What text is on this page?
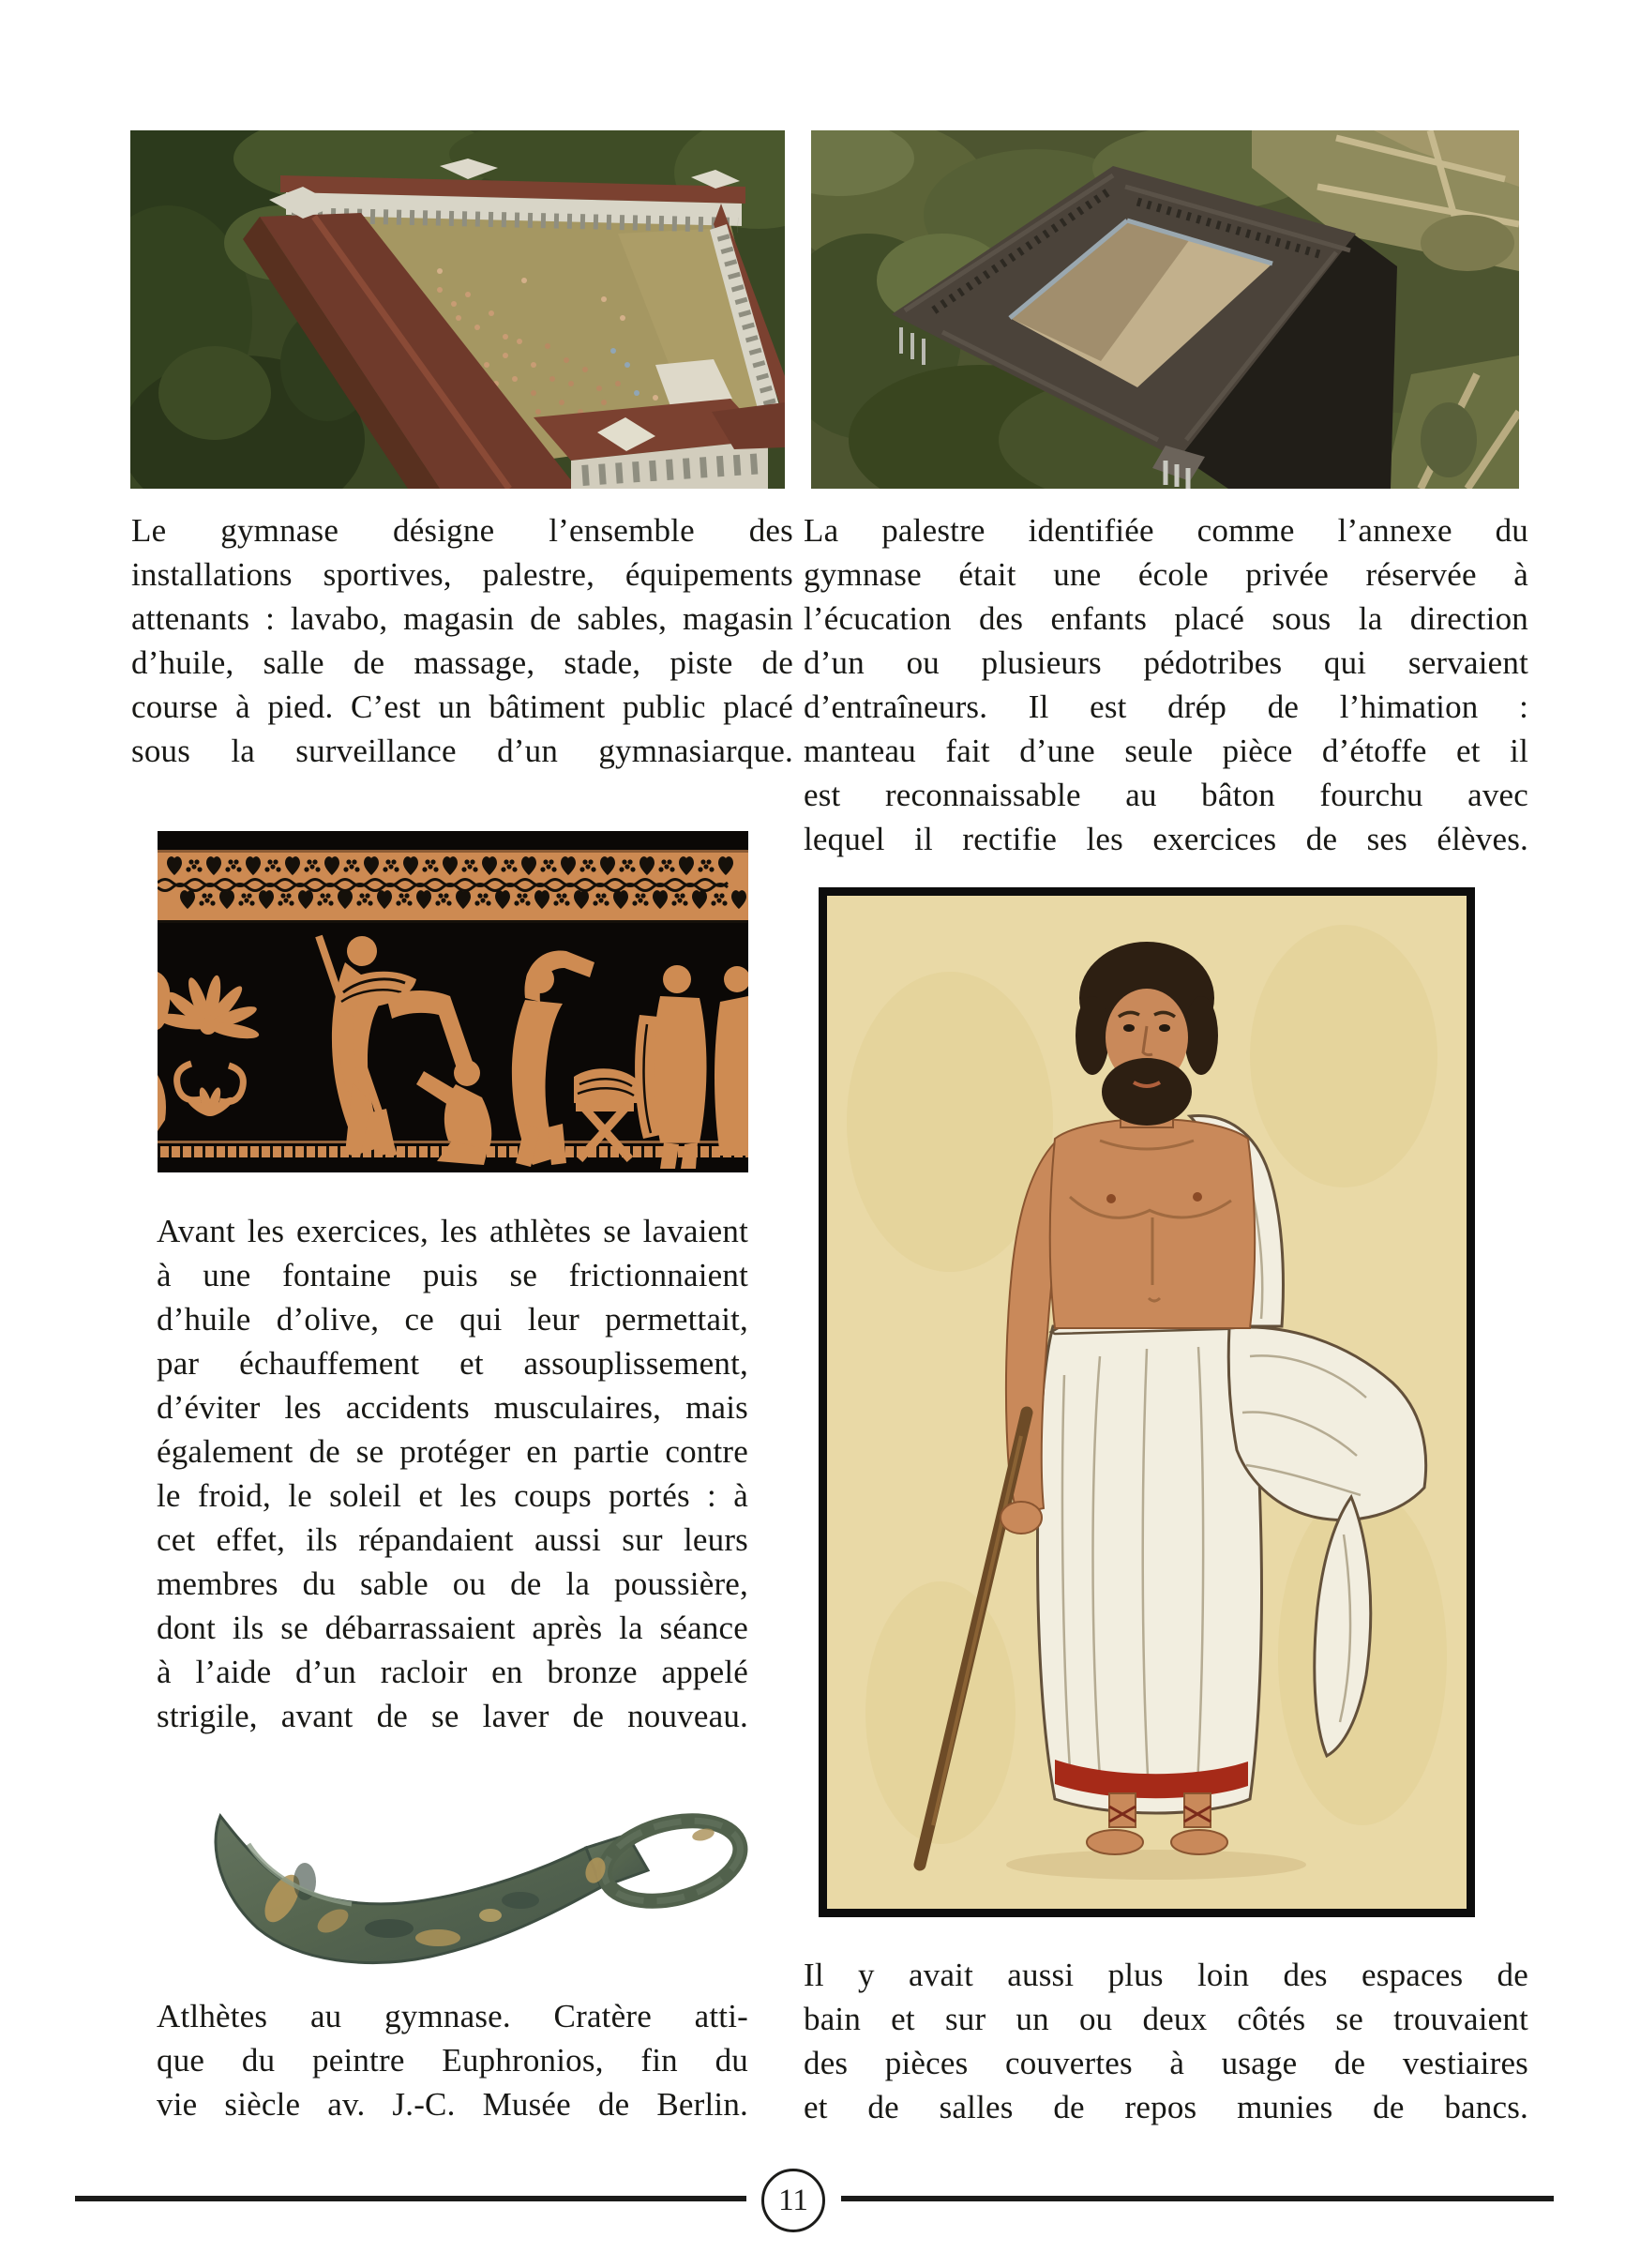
Le gymnase désigne l’ensemble des
installations sportives, palestre, équipements
attenants : lavabo, magasin de sables, magasin
d’huile, salle de massage, stade, piste de
course à pied. C’est un bâtiment public placé
sous la surveillance d’un gymnasiarque.
La palestre identifiée comme l’annexe du
gymnase était une école privée réservée à
l’écucation des enfants placé sous la direction
d’un ou plusieurs pédotribes qui servaient
d’entraîneurs. Il est drép de l’himation :
manteau fait d’une seule pièce d’étoffe et il
est reconnaissable au bâton fourchu avec
lequel il rectifie les exercices de ses élèves.
Avant les exercices, les athlètes se lavaient
à une fontaine puis se frictionnaient
d’huile d’olive, ce qui leur permettait,
par échauffement et assouplissement,
d’éviter les accidents musculaires, mais
également de se protéger en partie contre
le froid, le soleil et les coups portés : à
cet effet, ils répandaient aussi sur leurs
membres du sable ou de la poussière,
dont ils se débarrassaient après la séance
à l’aide d’un racloir en bronze appelé
strigile, avant de se laver de nouveau.
Atlhètes au gymnase. Cratère atti-
que du peintre Euphronios, fin du
vie siècle av. J.-C. Musée de Berlin.
Il y avait aussi plus loin des espaces de
bain et sur un ou deux côtés se trouvaient
des pièces couvertes à usage de vestiaires
et de salles de repos munies de bancs.
11
